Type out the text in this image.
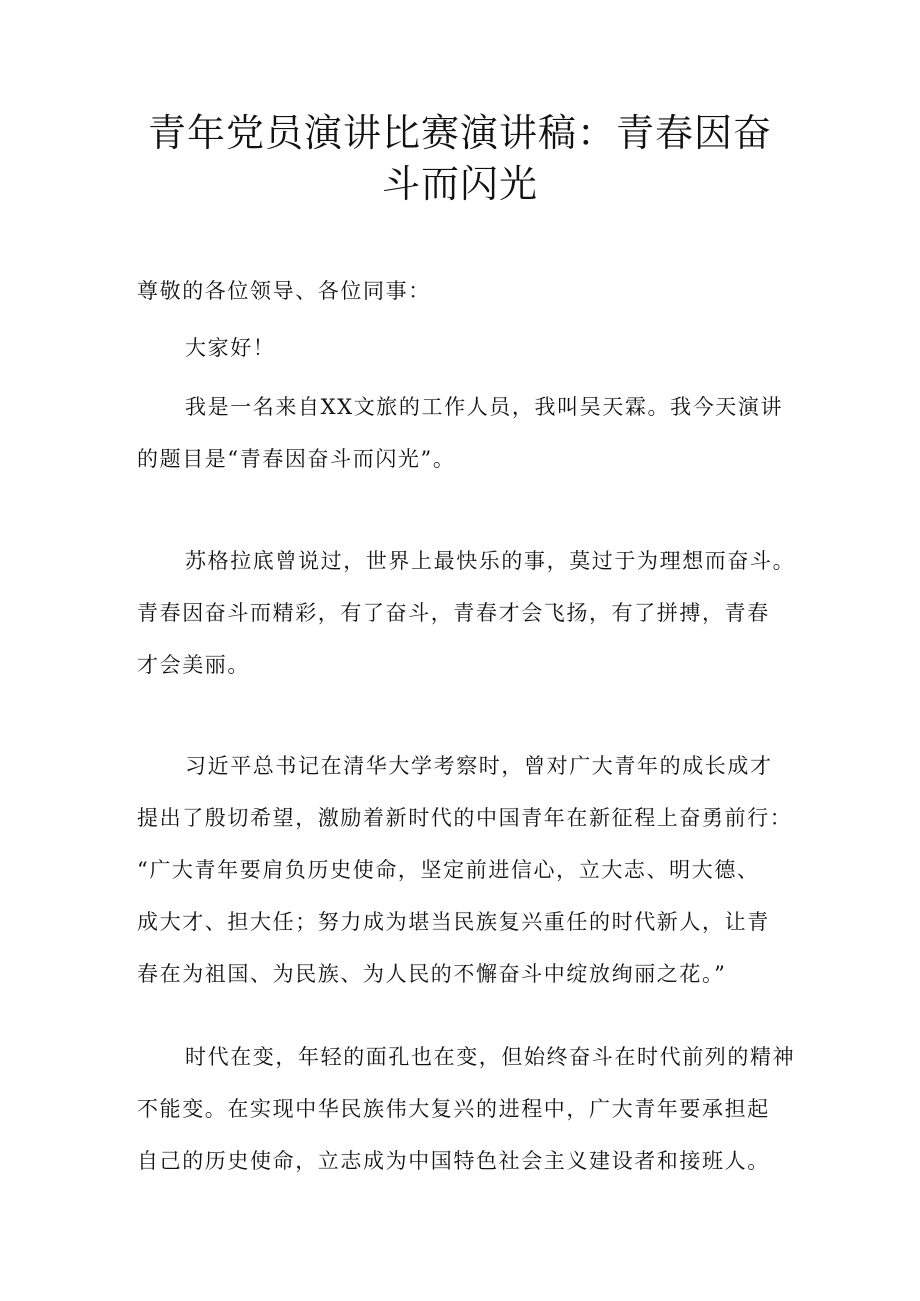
青年党员演讲比赛演讲稿：青春因奋
斗而闪光

尊敬的各位领导、各位同事：

大家好！

我是一名来自XX文旅的工作人员，我叫吴天霖。我今天演讲
的题目是“青春因奋斗而闪光”。

苏格拉底曾说过，世界上最快乐的事，莫过于为理想而奋斗。
青春因奋斗而精彩，有了奋斗，青春才会飞扬，有了拼搏，青春
才会美丽。

习近平总书记在清华大学考察时，曾对广大青年的成长成才
提出了殷切希望，激励着新时代的中国青年在新征程上奋勇前行：
“广大青年要肩负历史使命，坚定前进信心，立大志、明大德、
成大才、担大任；努力成为堪当民族复兴重任的时代新人，让青
春在为祖国、为民族、为人民的不懈奋斗中绽放绚丽之花。”

时代在变，年轻的面孔也在变，但始终奋斗在时代前列的精神
不能变。在实现中华民族伟大复兴的进程中，广大青年要承担起
自己的历史使命，立志成为中国特色社会主义建设者和接班人。
